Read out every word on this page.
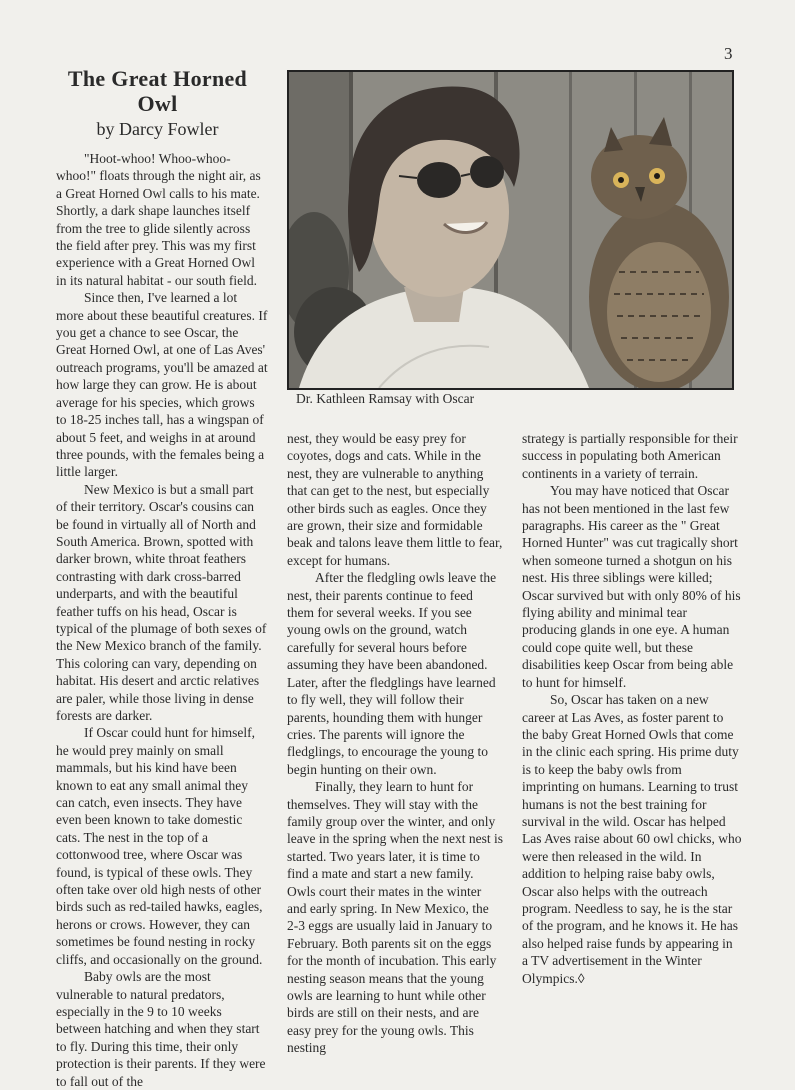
3
The Great Horned
Owl
by Darcy Fowler
Dr. Kathleen Ramsay with Oscar

"Hoot-whoo! Whoo-whoo-whoo!" floats through the night air, as a Great Horned Owl calls to his mate. Shortly, a dark shape launches itself from the tree to glide silently across the field after prey. This was my first experience with a Great Horned Owl in its natural habitat - our south field.

Since then, I've learned a lot more about these beautiful creatures. If you get a chance to see Oscar, the Great Horned Owl, at one of Las Aves' outreach programs, you'll be amazed at how large they can grow. He is about average for his species, which grows to 18-25 inches tall, has a wingspan of about 5 feet, and weighs in at around three pounds, with the females being a little larger.

New Mexico is but a small part of their territory. Oscar's cousins can be found in virtually all of North and South America. Brown, spotted with darker brown, white throat feathers contrasting with dark cross-barred underparts, and with the beautiful feather tuffs on his head, Oscar is typical of the plumage of both sexes of the New Mexico branch of the family. This coloring can vary, depending on habitat. His desert and arctic relatives are paler, while those living in dense forests are darker.

If Oscar could hunt for himself, he would prey mainly on small mammals, but his kind have been known to eat any small animal they can catch, even insects. They have even been known to take domestic cats. The nest in the top of a cottonwood tree, where Oscar was found, is typical of these owls. They often take over old high nests of other birds such as red-tailed hawks, eagles, herons or crows. However, they can sometimes be found nesting in rocky cliffs, and occasionally on the ground.

Baby owls are the most vulnerable to natural predators, especially in the 9 to 10 weeks between hatching and when they start to fly. During this time, their only protection is their parents. If they were to fall out of the

nest, they would be easy prey for coyotes, dogs and cats. While in the nest, they are vulnerable to anything that can get to the nest, but especially other birds such as eagles. Once they are grown, their size and formidable beak and talons leave them little to fear, except for humans.

After the fledgling owls leave the nest, their parents continue to feed them for several weeks. If you see young owls on the ground, watch carefully for several hours before assuming they have been abandoned. Later, after the fledglings have learned to fly well, they will follow their parents, hounding them with hunger cries. The parents will ignore the fledglings, to encourage the young to begin hunting on their own.

Finally, they learn to hunt for themselves. They will stay with the family group over the winter, and only leave in the spring when the next nest is started. Two years later, it is time to find a mate and start a new family. Owls court their mates in the winter and early spring. In New Mexico, the 2-3 eggs are usually laid in January to February. Both parents sit on the eggs for the month of incubation. This early nesting season means that the young owls are learning to hunt while other birds are still on their nests, and are easy prey for the young owls. This nesting

strategy is partially responsible for their success in populating both American continents in a variety of terrain.

You may have noticed that Oscar has not been mentioned in the last few paragraphs. His career as the " Great Horned Hunter" was cut tragically short when someone turned a shotgun on his nest. His three siblings were killed; Oscar survived but with only 80% of his flying ability and minimal tear producing glands in one eye. A human could cope quite well, but these disabilities keep Oscar from being able to hunt for himself.

So, Oscar has taken on a new career at Las Aves, as foster parent to the baby Great Horned Owls that come in the clinic each spring. His prime duty is to keep the baby owls from imprinting on humans. Learning to trust humans is not the best training for survival in the wild. Oscar has helped Las Aves raise about 60 owl chicks, who were then released in the wild. In addition to helping raise baby owls, Oscar also helps with the outreach program. Needless to say, he is the star of the program, and he knows it. He has also helped raise funds by appearing in a TV advertisement in the Winter Olympics.◊
